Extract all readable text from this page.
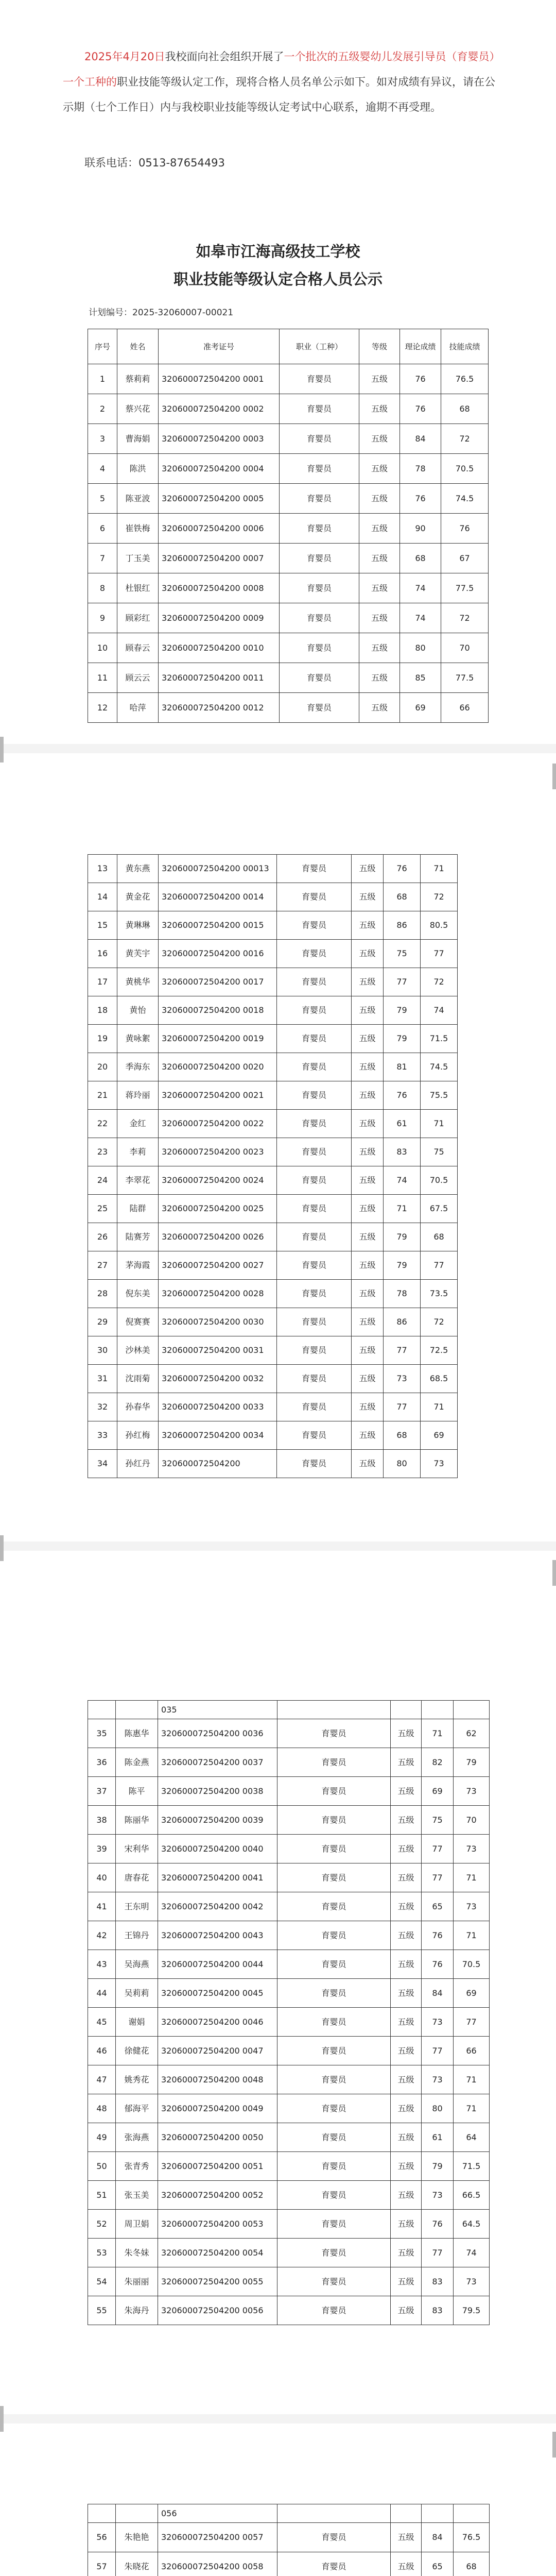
2025年4月20日我校面向社会组织开展了一个批次的五级婴幼儿发展引导员（育婴员）一个工种的职业技能等级认定工作，现将合格人员名单公示如下。如对成绩有异议，请在公示期（七个工作日）内与我校职业技能等级认定考试中心联系，逾期不再受理。

联系电话：0513-87654493
如皋市江海高级技工学校
职业技能等级认定合格人员公示
计划编号：2025-32060007-00021
序号	姓名	准考证号	职业（工种）	等级	理论成绩	技能成绩
1	蔡莉莉	320600072504200 0001	育婴员	五级	76	76.5
2	蔡兴花	320600072504200 0002	育婴员	五级	76	68
3	曹海娟	320600072504200 0003	育婴员	五级	84	72
4	陈洪	320600072504200 0004	育婴员	五级	78	70.5
5	陈亚波	320600072504200 0005	育婴员	五级	76	74.5
6	崔铁梅	320600072504200 0006	育婴员	五级	90	76
7	丁玉美	320600072504200 0007	育婴员	五级	68	67
8	杜银红	320600072504200 0008	育婴员	五级	74	77.5
9	顾彩红	320600072504200 0009	育婴员	五级	74	72
10	顾春云	320600072504200 0010	育婴员	五级	80	70
11	顾云云	320600072504200 0011	育婴员	五级	85	77.5
12	哈萍	320600072504200 0012	育婴员	五级	69	66
13	黄东燕	320600072504200 00013	育婴员	五级	76	71
14	黄金花	320600072504200 0014	育婴员	五级	68	72
15	黄琳琳	320600072504200 0015	育婴员	五级	86	80.5
16	黄芙宇	320600072504200 0016	育婴员	五级	75	77
17	黄桃华	320600072504200 0017	育婴员	五级	77	72
18	黄怡	320600072504200 0018	育婴员	五级	79	74
19	黄咏絮	320600072504200 0019	育婴员	五级	79	71.5
20	季海东	320600072504200 0020	育婴员	五级	81	74.5
21	蒋玲丽	320600072504200 0021	育婴员	五级	76	75.5
22	金红	320600072504200 0022	育婴员	五级	61	71
23	李莉	320600072504200 0023	育婴员	五级	83	75
24	李翠花	320600072504200 0024	育婴员	五级	74	70.5
25	陆群	320600072504200 0025	育婴员	五级	71	67.5
26	陆赛芳	320600072504200 0026	育婴员	五级	79	68
27	茅海霞	320600072504200 0027	育婴员	五级	79	77
28	倪东美	320600072504200 0028	育婴员	五级	78	73.5
29	倪赛赛	320600072504200 0030	育婴员	五级	86	72
30	沙林美	320600072504200 0031	育婴员	五级	77	72.5
31	沈雨菊	320600072504200 0032	育婴员	五级	73	68.5
32	孙春华	320600072504200 0033	育婴员	五级	77	71
33	孙红梅	320600072504200 0034	育婴员	五级	68	69
34	孙红丹	320600072504200	育婴员	五级	80	73
		035				
35	陈惠华	320600072504200 0036	育婴员	五级	71	62
36	陈金燕	320600072504200 0037	育婴员	五级	82	79
37	陈平	320600072504200 0038	育婴员	五级	69	73
38	陈丽华	320600072504200 0039	育婴员	五级	75	70
39	宋利华	320600072504200 0040	育婴员	五级	77	73
40	唐春花	320600072504200 0041	育婴员	五级	77	71
41	王东明	320600072504200 0042	育婴员	五级	65	73
42	王锦丹	320600072504200 0043	育婴员	五级	76	71
43	吴海燕	320600072504200 0044	育婴员	五级	76	70.5
44	吴莉莉	320600072504200 0045	育婴员	五级	84	69
45	谢娟	320600072504200 0046	育婴员	五级	73	77
46	徐健花	320600072504200 0047	育婴员	五级	77	66
47	姚秀花	320600072504200 0048	育婴员	五级	73	71
48	郁海平	320600072504200 0049	育婴员	五级	80	71
49	张海燕	320600072504200 0050	育婴员	五级	61	64
50	张青秀	320600072504200 0051	育婴员	五级	79	71.5
51	张玉美	320600072504200 0052	育婴员	五级	73	66.5
52	周卫娟	320600072504200 0053	育婴员	五级	76	64.5
53	朱冬妹	320600072504200 0054	育婴员	五级	77	74
54	朱丽丽	320600072504200 0055	育婴员	五级	83	73
55	朱海丹	320600072504200 0056	育婴员	五级	83	79.5
		056				
56	朱艳艳	320600072504200 0057	育婴员	五级	84	76.5
57	朱晓花	320600072504200 0058	育婴员	五级	65	68
